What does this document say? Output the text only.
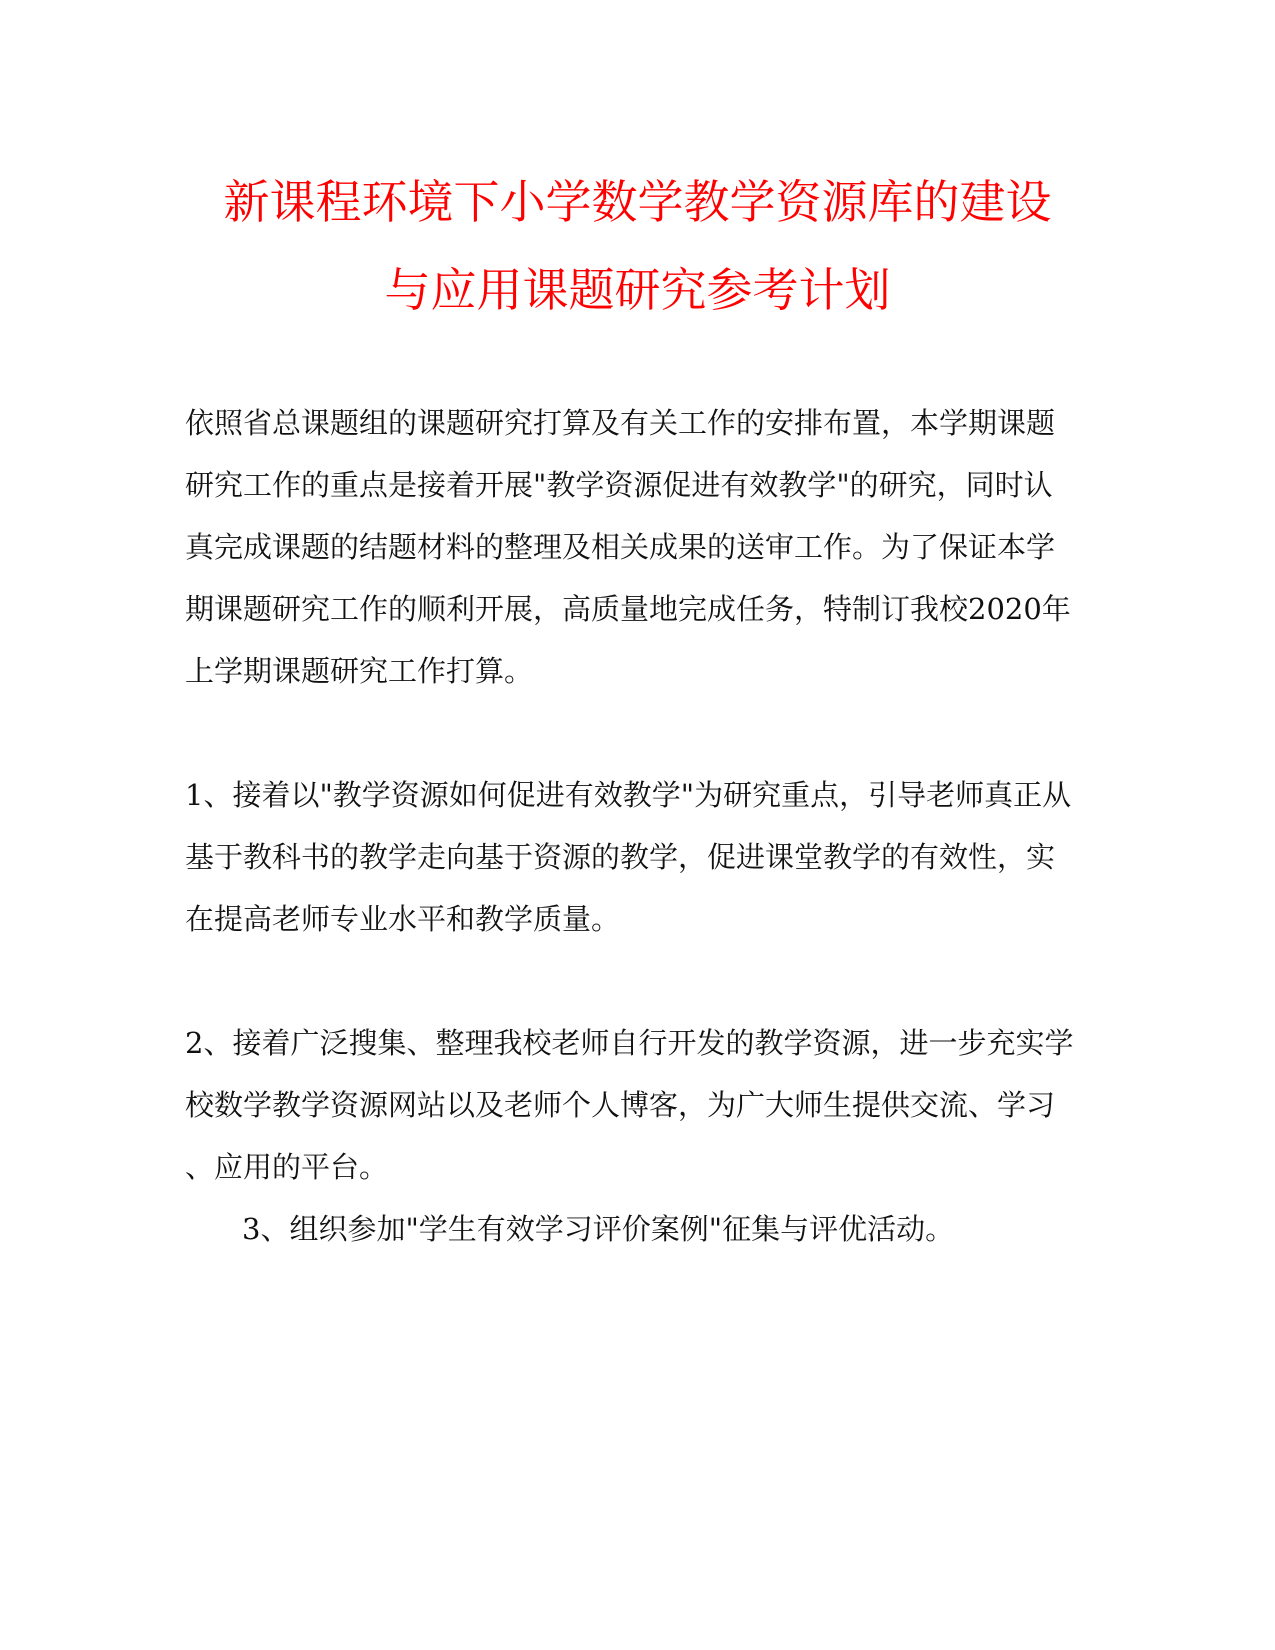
新课程环境下小学数学教学资源库的建设
与应用课题研究参考计划
依照省总课题组的课题研究打算及有关工作的安排布置，本学期课题
研究工作的重点是接着开展"教学资源促进有效教学"的研究，同时认
真完成课题的结题材料的整理及相关成果的送审工作。为了保证本学
期课题研究工作的顺利开展，高质量地完成任务，特制订我校2020年
上学期课题研究工作打算。
1、接着以"教学资源如何促进有效教学"为研究重点，引导老师真正从
基于教科书的教学走向基于资源的教学，促进课堂教学的有效性，实
在提高老师专业水平和教学质量。
2、接着广泛搜集、整理我校老师自行开发的教学资源，进一步充实学
校数学教学资源网站以及老师个人博客，为广大师生提供交流、学习
、应用的平台。
3、组织参加"学生有效学习评价案例"征集与评优活动。
